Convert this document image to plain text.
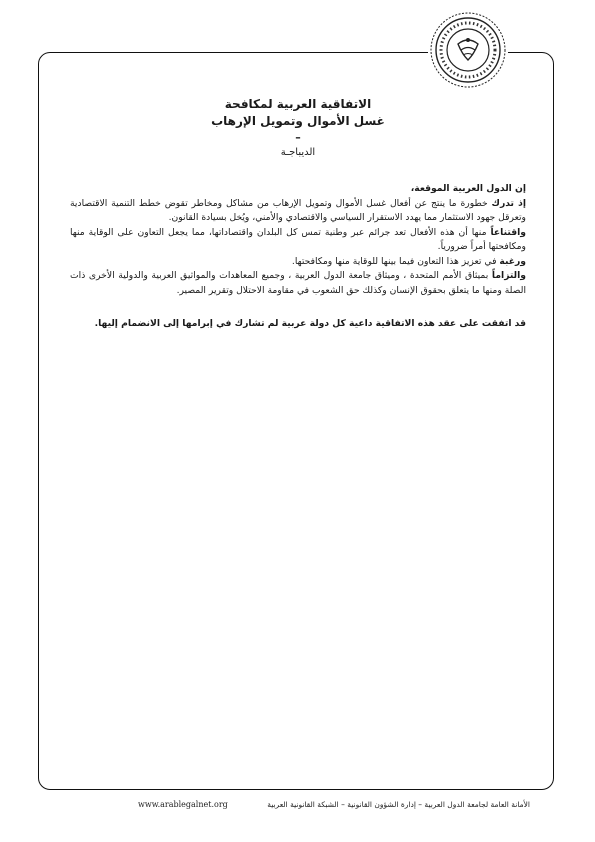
الاتفاقية العربية لمكافحة

غسل الأموال وتمويل الإرهاب

–
الديباجـة

إن الدول العربية الموقعة،

إذ تدرك خطورة ما ينتج عن أفعال غسل الأموال وتمويل الإرهاب من مشاكل ومخاطر تقوض خطط التنمية الاقتصادية وتعرقل جهود الاستثمار مما يهدد الاستقرار السياسي والاقتصادي والأمني، ويُخل بسيادة القانون.

واقتناعاً منها أن هذه الأفعال تعد جرائم عبر وطنية تمس كل البلدان واقتصاداتها، مما يجعل التعاون على الوقاية منها ومكافحتها أمراً ضرورياً.

ورغبة في تعزيز هذا التعاون فيما بينها للوقاية منها ومكافحتها.

والتزاماً بميثاق الأمم المتحدة ، وميثاق جامعة الدول العربية ، وجميع المعاهدات والمواثيق العربية والدولية الأخرى ذات الصلة ومنها ما يتعلق بحقوق الإنسان وكذلك حق الشعوب في مقاومة الاحتلال وتقرير المصير.

قد اتفقت على عقد هذه الاتفاقية داعية كل دولة عربية لم تشارك في إبرامها إلى الانضمام إليها.

www.arablegalnet.org	الأمانة العامة لجامعة الدول العربية – إدارة الشؤون القانونية – الشبكة القانونية العربية
